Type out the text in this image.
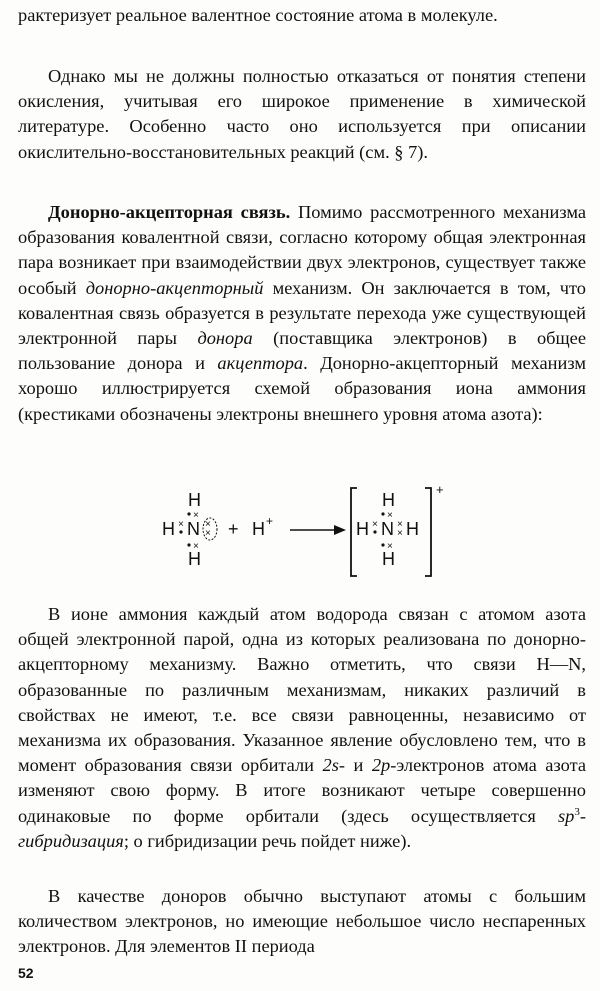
рактеризует реальное валентное состояние атома в молекуле.

Однако мы не должны полностью отказаться от понятия степени окисления, учитывая его широкое применение в химической литературе. Особенно часто оно используется при описании окислительно-восстановительных реакций (см. § 7).

Донорно-акцепторная связь. Помимо рассмотренного механизма образования ковалентной связи, согласно которому общая электронная пара возникает при взаимодействии двух электронов, существует также особый донорно-акцепторный механизм. Он заключается в том, что ковалентная связь образуется в результате перехода уже существующей электронной пары донора (поставщика электронов) в общее пользование донора и акцептора. Донорно-акцепторный механизм хорошо иллюстрируется схемой образования иона аммония (крестиками обозначены электроны внешнего уровня атома азота):

H
H N
H
×
×
×
×
× + H +
H
H N H
H
×
× ×
×
×
+

В ионе аммония каждый атом водорода связан с атомом азота общей электронной парой, одна из которых реализована по донорно-акцепторному механизму. Важно отметить, что связи H—N, образованные по различным механизмам, никаких различий в свойствах не имеют, т.е. все связи равноценны, независимо от механизма их образования. Указанное явление обусловлено тем, что в момент образования связи орбитали 2s- и 2p-электронов атома азота изменяют свою форму. В итоге возникают четыре совершенно одинаковые по форме орбитали (здесь осуществляется $sp^3$-гибридизация; о гибридизации речь пойдет ниже).

В качестве доноров обычно выступают атомы с большим количеством электронов, но имеющие небольшое число неспаренных электронов. Для элементов II периода

52
